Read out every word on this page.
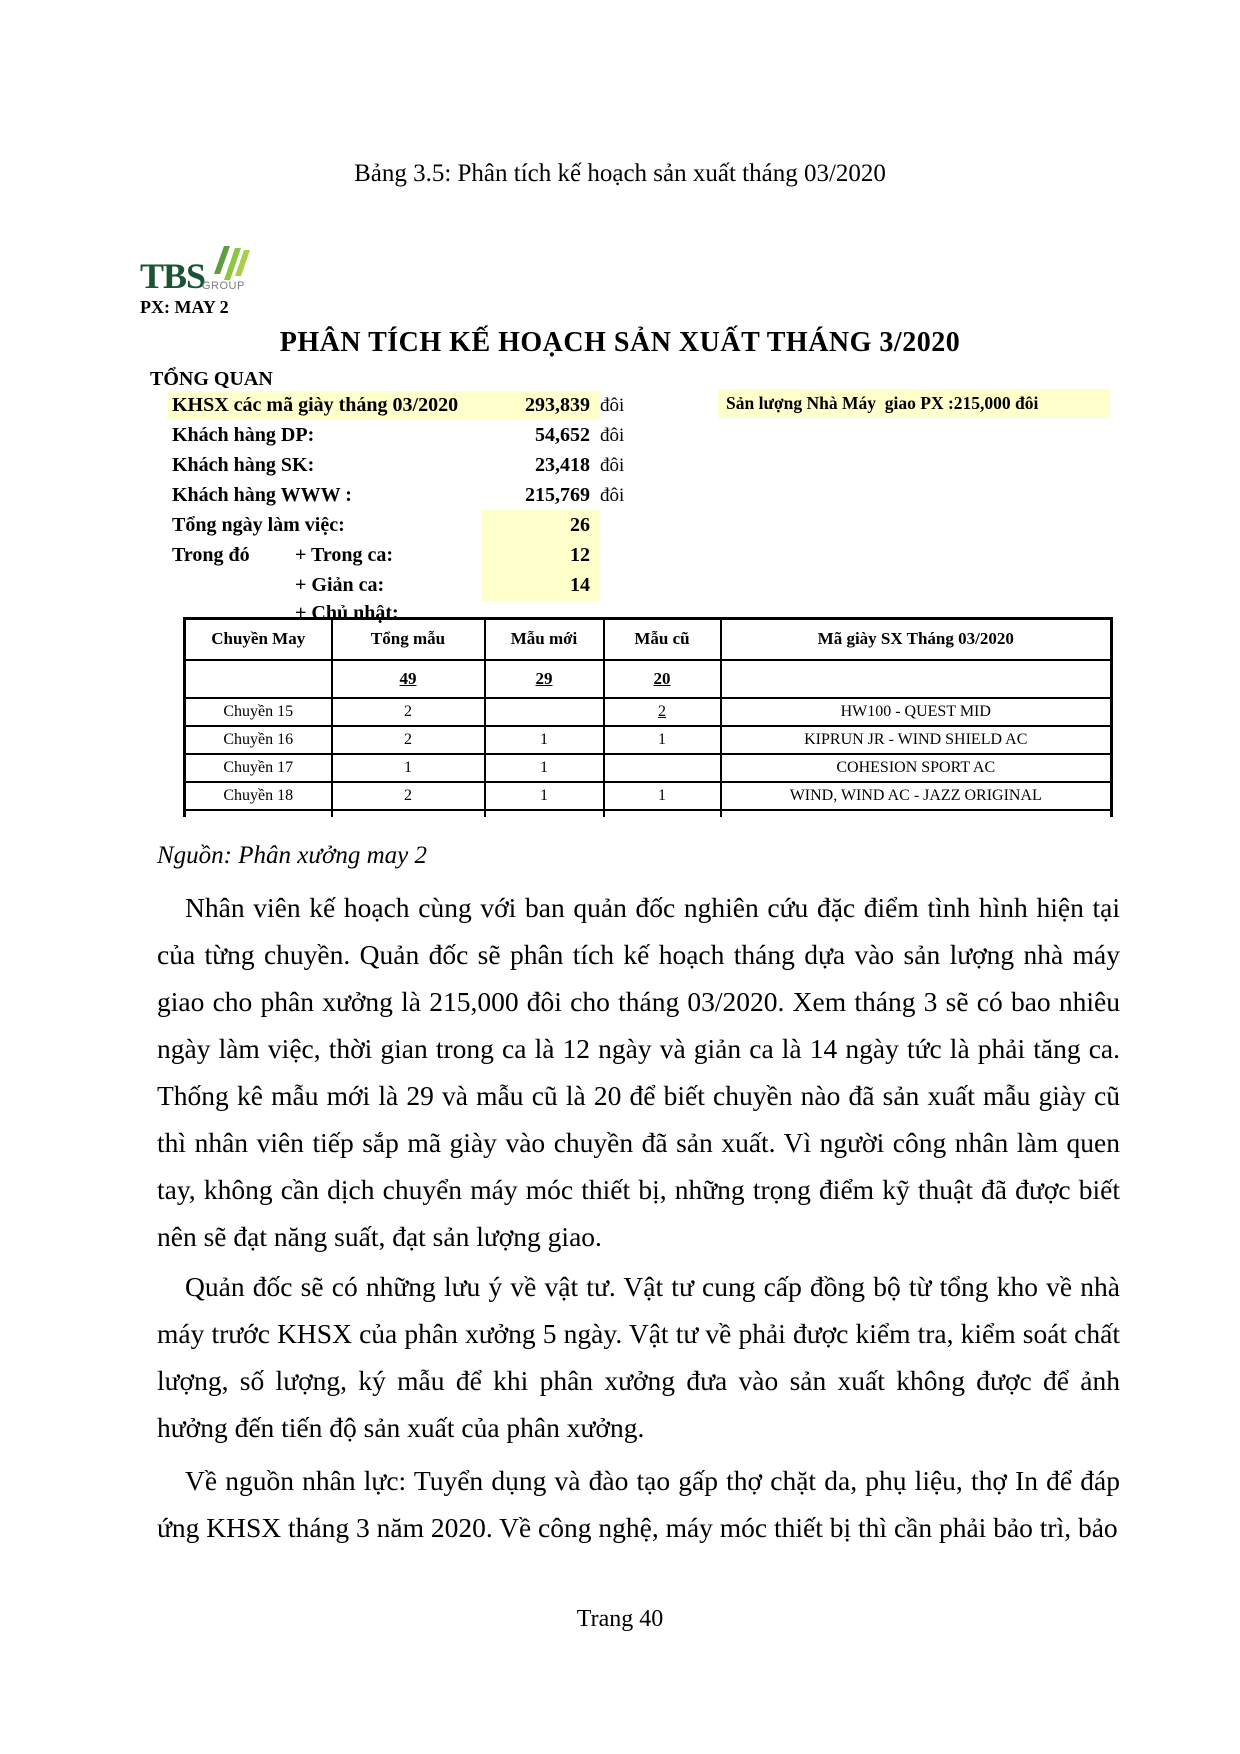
Bảng 3.5: Phân tích kế hoạch sản xuất tháng 03/2020
TBS
GROUP
PX: MAY 2
PHÂN TÍCH KẾ HOẠCH SẢN XUẤT THÁNG 3/2020
TỔNG QUAN
KHSX các mã giày tháng 03/2020	293,839 đôi
Khách hàng DP:	54,652 đôi
Khách hàng SK:	23,418 đôi
Khách hàng WWW :	215,769 đôi
Tổng ngày làm việc:	26
Trong đó + Trong ca:	12
+ Giản ca:	14
+ Chủ nhật:
Sản lượng Nhà Máy  giao PX :215,000 đôi
Chuyền May	Tổng mẫu	Mẫu mới	Mẫu cũ	Mã giày SX Tháng 03/2020
	49	29	20	
Chuyền 15	2		2	HW100 - QUEST MID
Chuyền 16	2	1	1	KIPRUN JR - WIND SHIELD AC
Chuyền 17	1	1		COHESION SPORT AC
Chuyền 18	2	1	1	WIND, WIND AC - JAZZ ORIGINAL

Nguồn: Phân xưởng may 2
Nhân viên kế hoạch cùng với ban quản đốc nghiên cứu đặc điểm tình hình hiện tại của từng chuyền. Quản đốc sẽ phân tích kế hoạch tháng dựa vào sản lượng nhà máy giao cho phân xưởng là 215,000 đôi cho tháng 03/2020. Xem tháng 3 sẽ có bao nhiêu ngày làm việc, thời gian trong ca là 12 ngày và giản ca là 14 ngày tức là phải tăng ca. Thống kê mẫu mới là 29 và mẫu cũ là 20 để biết chuyền nào đã sản xuất mẫu giày cũ thì nhân viên tiếp sắp mã giày vào chuyền đã sản xuất. Vì người công nhân làm quen tay, không cần dịch chuyển máy móc thiết bị, những trọng điểm kỹ thuật đã được biết nên sẽ đạt năng suất, đạt sản lượng giao.
Quản đốc sẽ có những lưu ý về vật tư. Vật tư cung cấp đồng bộ từ tổng kho về nhà máy trước KHSX của phân xưởng 5 ngày. Vật tư về phải được kiểm tra, kiểm soát chất lượng, số lượng, ký mẫu để khi phân xưởng đưa vào sản xuất không được để ảnh hưởng đến tiến độ sản xuất của phân xưởng.
Về nguồn nhân lực: Tuyển dụng và đào tạo gấp thợ chặt da, phụ liệu, thợ In để đáp ứng KHSX tháng 3 năm 2020. Về công nghệ, máy móc thiết bị thì cần phải bảo trì, bảo
Trang 40
